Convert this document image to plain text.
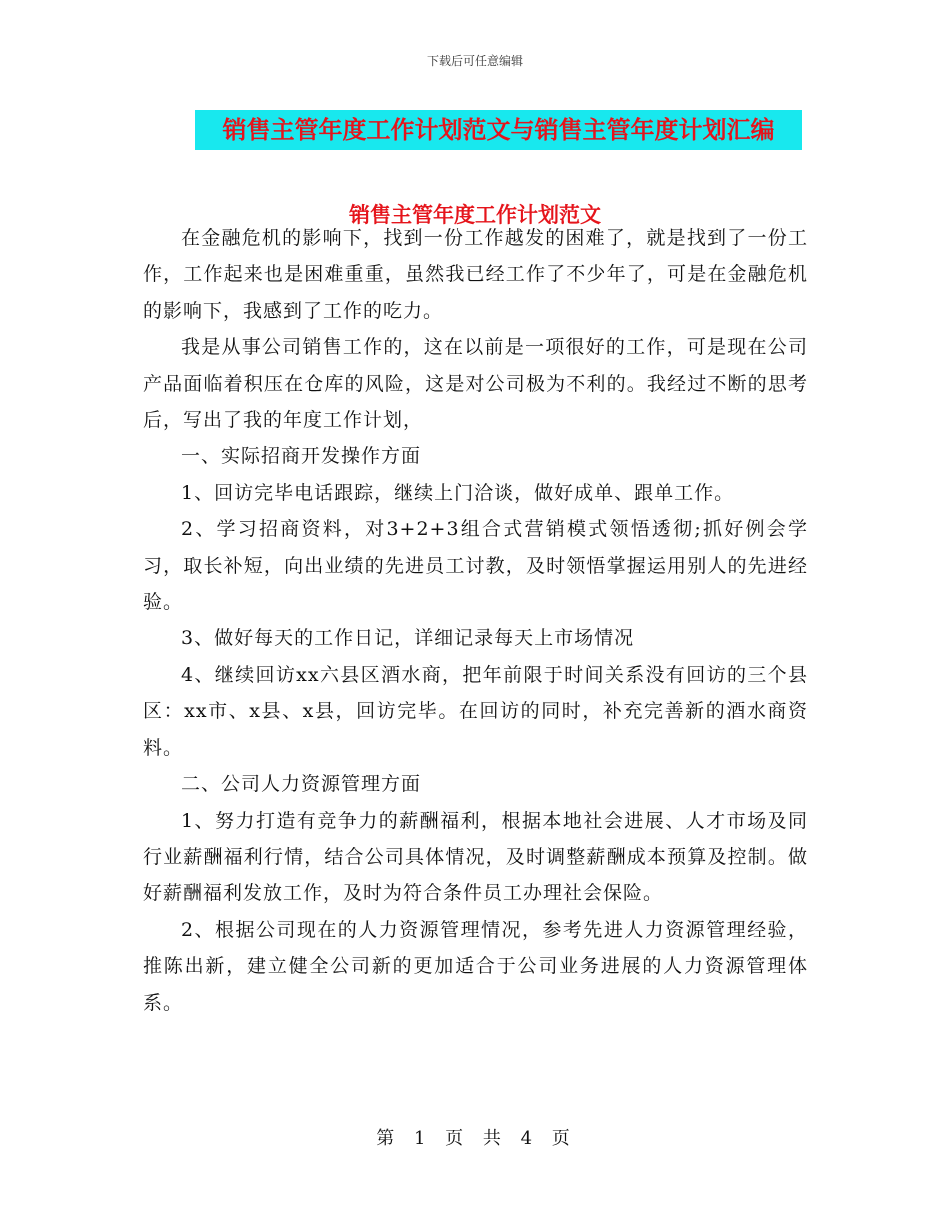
下载后可任意编辑
销售主管年度工作计划范文与销售主管年度计划汇编
销售主管年度工作计划范文

在金融危机的影响下，找到一份工作越发的困难了，就是找到了一份工作，工作起来也是困难重重，虽然我已经工作了不少年了，可是在金融危机的影响下，我感到了工作的吃力。

我是从事公司销售工作的，这在以前是一项很好的工作，可是现在公司产品面临着积压在仓库的风险，这是对公司极为不利的。我经过不断的思考后，写出了我的年度工作计划，

一、实际招商开发操作方面

1、回访完毕电话跟踪，继续上门洽谈，做好成单、跟单工作。

2、学习招商资料，对3+2+3组合式营销模式领悟透彻;抓好例会学习，取长补短，向出业绩的先进员工讨教，及时领悟掌握运用别人的先进经验。

3、做好每天的工作日记，详细记录每天上市场情况

4、继续回访xx六县区酒水商，把年前限于时间关系没有回访的三个县区：xx市、x县、x县，回访完毕。在回访的同时，补充完善新的酒水商资料。

二、公司人力资源管理方面

1、努力打造有竞争力的薪酬福利，根据本地社会进展、人才市场及同行业薪酬福利行情，结合公司具体情况，及时调整薪酬成本预算及控制。做好薪酬福利发放工作，及时为符合条件员工办理社会保险。

2、根据公司现在的人力资源管理情况，参考先进人力资源管理经验，推陈出新，建立健全公司新的更加适合于公司业务进展的人力资源管理体系。

第 1 页 共 4 页
